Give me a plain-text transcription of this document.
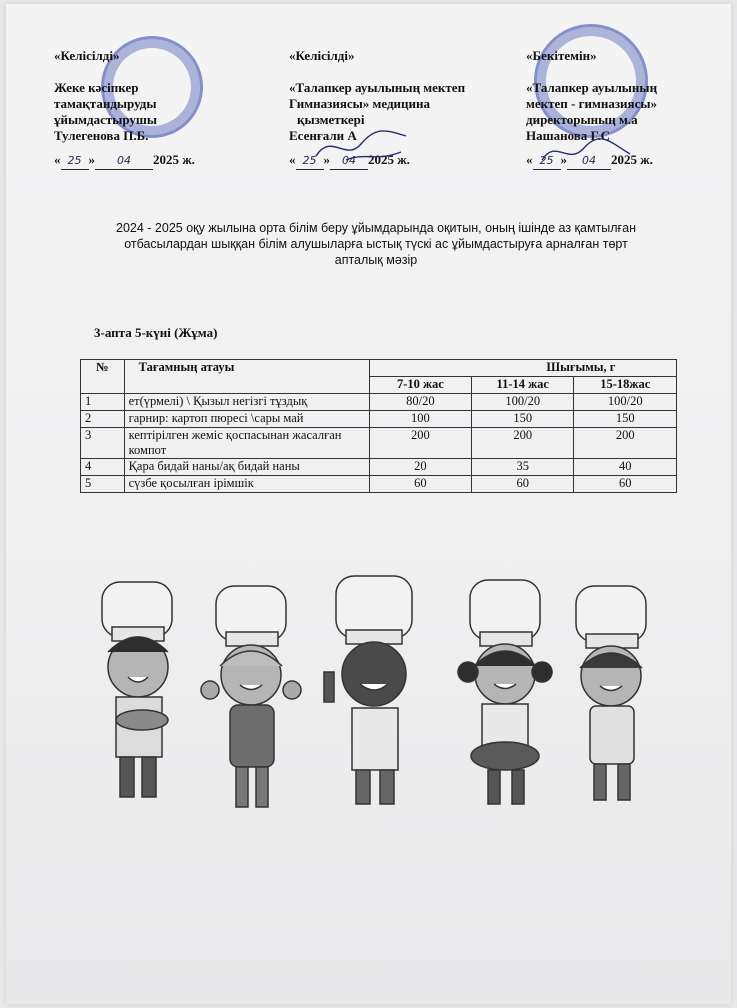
«Келісілді»
Жеке кәсіпкер
тамақтандыруды
ұйымдастырушы
Тулегенова П.Б.
« 25 » 04 2025 ж.
«Келісілді»
«Талапкер ауылының мектеп
Гимназиясы» медицина
қызметкері
Есенғали А
« 25 » 04 2025 ж.
«Бекітемін»
«Талапкер ауылының
мектеп - гимназиясы»
директорының м.а
Нашанова Г.С
« 25 » 04 2025 ж.
2024 - 2025 оқу жылына орта білім беру ұйымдарында оқитын, оның ішінде аз қамтылған
отбасылардан шыққан білім алушыларға ыстық түскі ас ұйымдастыруға арналған төрт
апталық мәзір
3-апта 5-күні (Жұма)
№	Тағамның атауы	Шығымы, г		
		7-10 жас	11-14 жас	15-18жас
1	ет(үрмелі) \ Қызыл негізгі тұздық	80/20	100/20	100/20
2	гарнир: картоп пюресі \сары май	100	150	150
3	кептірілген жеміс қоспасынан жасалған компот	200	200	200
4	Қара бидай наны/ақ бидай наны	20	35	40
5	сүзбе қосылған ірімшік	60	60	60
